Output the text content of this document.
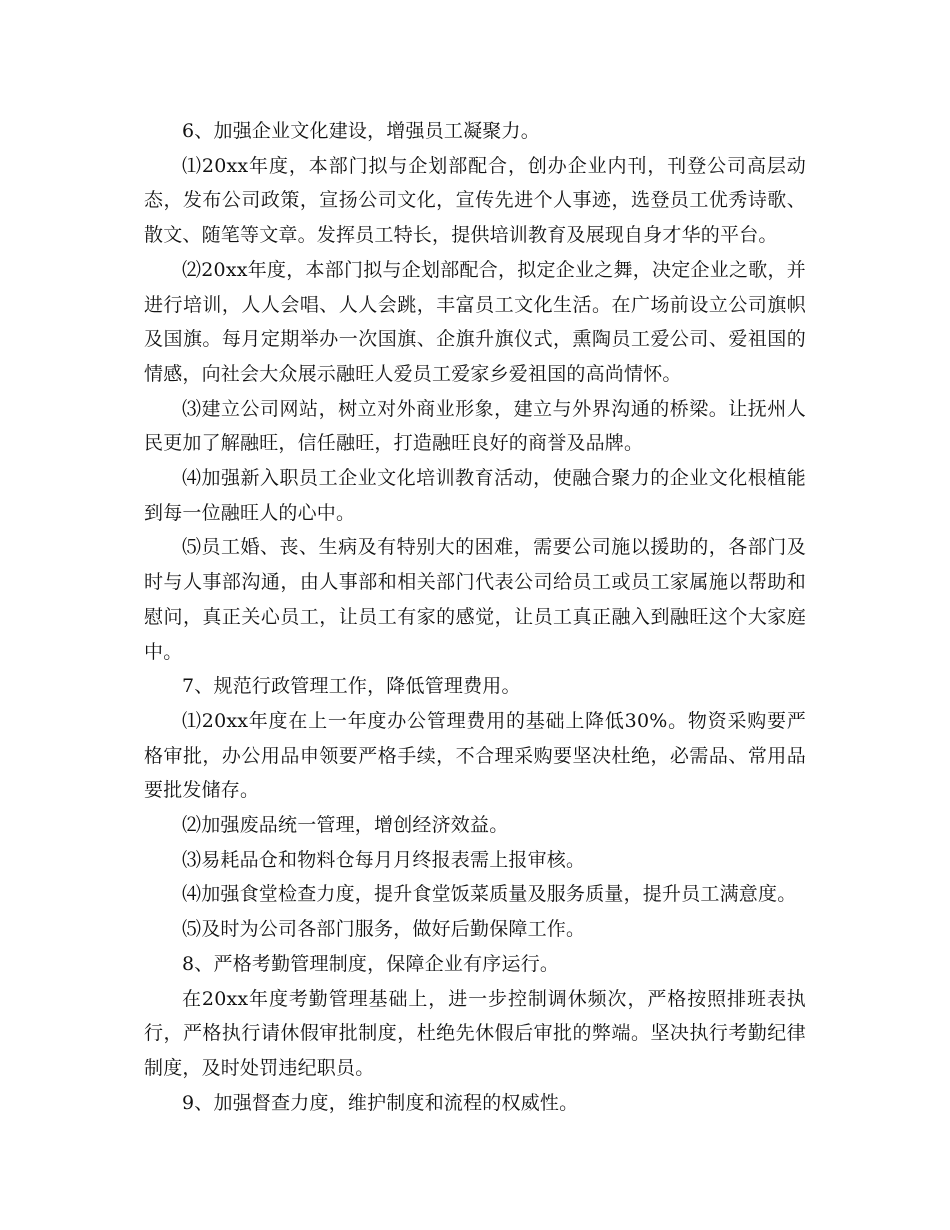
6、加强企业文化建设，增强员工凝聚力。

⑴20xx年度，本部门拟与企划部配合，创办企业内刊，刊登公司高层动态，发布公司政策，宣扬公司文化，宣传先进个人事迹，选登员工优秀诗歌、散文、随笔等文章。发挥员工特长，提供培训教育及展现自身才华的平台。

⑵20xx年度，本部门拟与企划部配合，拟定企业之舞，决定企业之歌，并进行培训，人人会唱、人人会跳，丰富员工文化生活。在广场前设立公司旗帜及国旗。每月定期举办一次国旗、企旗升旗仪式，熏陶员工爱公司、爱祖国的情感，向社会大众展示融旺人爱员工爱家乡爱祖国的高尚情怀。

⑶建立公司网站，树立对外商业形象，建立与外界沟通的桥梁。让抚州人民更加了解融旺，信任融旺，打造融旺良好的商誉及品牌。

⑷加强新入职员工企业文化培训教育活动，使融合聚力的企业文化根植能到每一位融旺人的心中。

⑸员工婚、丧、生病及有特别大的困难，需要公司施以援助的，各部门及时与人事部沟通，由人事部和相关部门代表公司给员工或员工家属施以帮助和慰问，真正关心员工，让员工有家的感觉，让员工真正融入到融旺这个大家庭中。

7、规范行政管理工作，降低管理费用。

⑴20xx年度在上一年度办公管理费用的基础上降低30%。物资采购要严格审批，办公用品申领要严格手续，不合理采购要坚决杜绝，必需品、常用品要批发储存。

⑵加强废品统一管理，增创经济效益。

⑶易耗品仓和物料仓每月月终报表需上报审核。

⑷加强食堂检查力度，提升食堂饭菜质量及服务质量，提升员工满意度。

⑸及时为公司各部门服务，做好后勤保障工作。

8、严格考勤管理制度，保障企业有序运行。

在20xx年度考勤管理基础上，进一步控制调休频次，严格按照排班表执行，严格执行请休假审批制度，杜绝先休假后审批的弊端。坚决执行考勤纪律制度，及时处罚违纪职员。

9、加强督查力度，维护制度和流程的权威性。
